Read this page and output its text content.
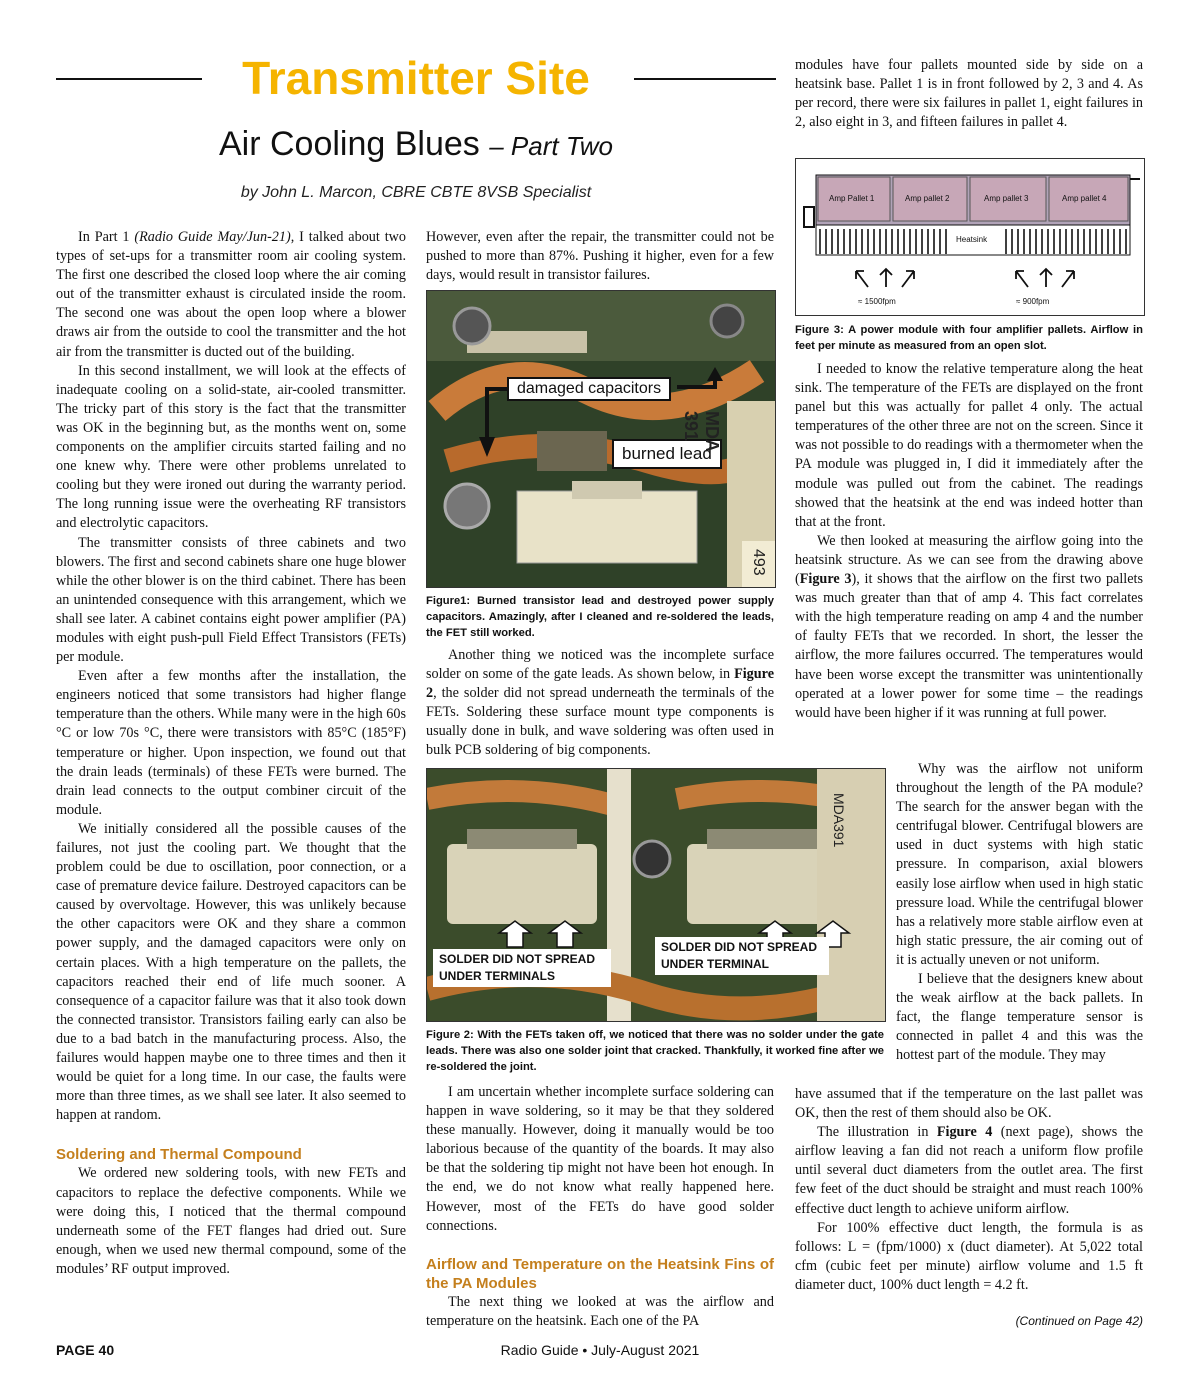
Transmitter Site
Air Cooling Blues – Part Two
by John L. Marcon, CBRE CBTE 8VSB Specialist

In Part 1 (Radio Guide May/Jun-21), I talked about two types of set-ups for a transmitter room air cooling system. The first one described the closed loop where the air coming out of the transmitter exhaust is circulated inside the room. The second one was about the open loop where a blower draws air from the outside to cool the transmitter and the hot air from the transmitter is ducted out of the building.

In this second installment, we will look at the effects of inadequate cooling on a solid-state, air-cooled transmitter. The tricky part of this story is the fact that the transmitter was OK in the beginning but, as the months went on, some components on the amplifier circuits started failing and no one knew why. There were other problems unrelated to cooling but they were ironed out during the warranty period. The long running issue were the overheating RF transistors and electrolytic capacitors.

The transmitter consists of three cabinets and two blowers. The first and second cabinets share one huge blower while the other blower is on the third cabinet. There has been an unintended consequence with this arrangement, which we shall see later. A cabinet contains eight power amplifier (PA) modules with eight push-pull Field Effect Transistors (FETs) per module.

Even after a few months after the installation, the engineers noticed that some transistors had higher flange temperature than the others. While many were in the high 60s °C or low 70s °C, there were transistors with 85°C (185°F) temperature or higher. Upon inspection, we found out that the drain leads (terminals) of these FETs were burned. The drain lead connects to the output combiner circuit of the module.

We initially considered all the possible causes of the failures, not just the cooling part. We thought that the problem could be due to oscillation, poor connection, or a case of premature device failure. Destroyed capacitors can be caused by overvoltage. However, this was unlikely because the other capacitors were OK and they share a common power supply, and the damaged capacitors were only on certain places. With a high temperature on the pallets, the capacitors reached their end of life much sooner. A consequence of a capacitor failure was that it also took down the connected transistor. Transistors failing early can also be due to a bad batch in the manufacturing process. Also, the failures would happen maybe one to three times and then it would be quiet for a long time. In our case, the faults were more than three times, as we shall see later. It also seemed to happen at random.

Soldering and Thermal Compound

We ordered new soldering tools, with new FETs and capacitors to replace the defective components. While we were doing this, I noticed that the thermal compound underneath some of the FET flanges had dried out. Sure enough, when we used new thermal compound, some of the modules’ RF output improved.

However, even after the repair, the transmitter could not be pushed to more than 87%. Pushing it higher, even for a few days, would result in transistor failures.

damaged capacitors
burned lead
MDA 391
493

Figure1: Burned transistor lead and destroyed power supply capacitors. Amazingly, after I cleaned and re-soldered the leads, the FET still worked.

Another thing we noticed was the incomplete surface solder on some of the gate leads. As shown below, in Figure 2, the solder did not spread underneath the terminals of the FETs. Soldering these surface mount type components is usually done in bulk, and wave soldering was often used in bulk PCB soldering of big components.

SOLDER DID NOT SPREAD UNDER TERMINALS
SOLDER DID NOT SPREAD UNDER TERMINAL
MDA391

Figure 2: With the FETs taken off, we noticed that there was no solder under the gate leads. There was also one solder joint that cracked. Thankfully, it worked fine after we re-soldered the joint.

I am uncertain whether incomplete surface soldering can happen in wave soldering, so it may be that they soldered these manually. However, doing it manually would be too laborious because of the quantity of the boards. It may also be that the soldering tip might not have been hot enough. In the end, we do not know what really happened here. However, most of the FETs do have good solder connections.

Airflow and Temperature on the Heatsink Fins of the PA Modules

The next thing we looked at was the airflow and temperature on the heatsink. Each one of the PA

modules have four pallets mounted side by side on a heatsink base. Pallet 1 is in front followed by 2, 3 and 4. As per record, there were six failures in pallet 1, eight failures in 2, also eight in 3, and fifteen failures in pallet 4.

Amp Pallet 1	Amp pallet 2	Amp pallet 3	Amp pallet 4
Heatsink
≈ 1500fpm	≈ 900fpm

Figure 3: A power module with four amplifier pallets. Airflow in feet per minute as measured from an open slot.

I needed to know the relative temperature along the heat sink. The temperature of the FETs are displayed on the front panel but this was actually for pallet 4 only. The actual temperatures of the other three are not on the screen. Since it was not possible to do readings with a thermometer when the PA module was plugged in, I did it immediately after the module was pulled out from the cabinet. The readings showed that the heatsink at the end was indeed hotter than that at the front.

We then looked at measuring the airflow going into the heatsink structure. As we can see from the drawing above (Figure 3), it shows that the airflow on the first two pallets was much greater than that of amp 4. This fact correlates with the high temperature reading on amp 4 and the number of faulty FETs that we recorded. In short, the lesser the airflow, the more failures occurred. The temperatures would have been worse except the transmitter was unintentionally operated at a lower power for some time – the readings would have been higher if it was running at full power.

Why was the airflow not uniform throughout the length of the PA module? The search for the answer began with the centrifugal blower. Centrifugal blowers are used in duct systems with high static pressure. In comparison, axial blowers easily lose airflow when used in high static pressure load. While the centrifugal blower has a relatively more stable airflow even at high static pressure, the air coming out of it is actually uneven or not uniform.

I believe that the designers knew about the weak airflow at the back pallets. In fact, the flange temperature sensor is connected in pallet 4 and this was the hottest part of the module. They may

have assumed that if the temperature on the last pallet was OK, then the rest of them should also be OK.

The illustration in Figure 4 (next page), shows the airflow leaving a fan did not reach a uniform flow profile until several duct diameters from the outlet area. The first few feet of the duct should be straight and must reach 100% effective duct length to achieve uniform airflow.

For 100% effective duct length, the formula is as follows: L = (fpm/1000) x (duct diameter). At 5,022 total cfm (cubic feet per minute) airflow volume and 1.5 ft diameter duct, 100% duct length = 4.2 ft.

(Continued on Page 42)
PAGE 40	Radio Guide • July-August 2021
